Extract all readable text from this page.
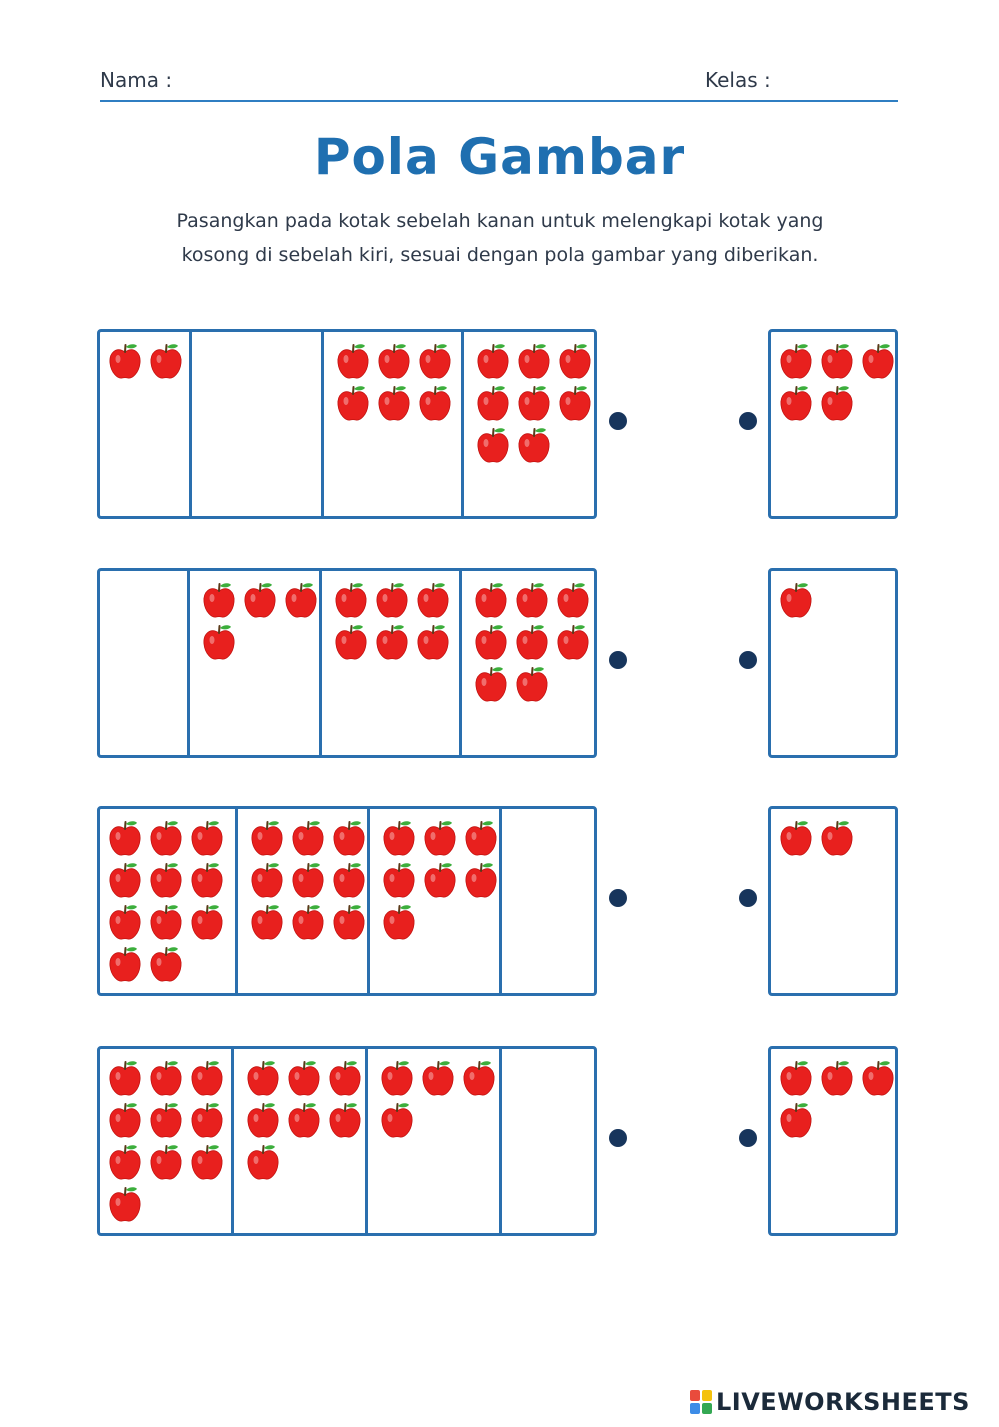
Nama :	Kelas :
Pola Gambar
Pasangkan pada kotak sebelah kanan untuk melengkapi kotak yang
kosong di sebelah kiri, sesuai dengan pola gambar yang diberikan.
LIVEWORKSHEETS
